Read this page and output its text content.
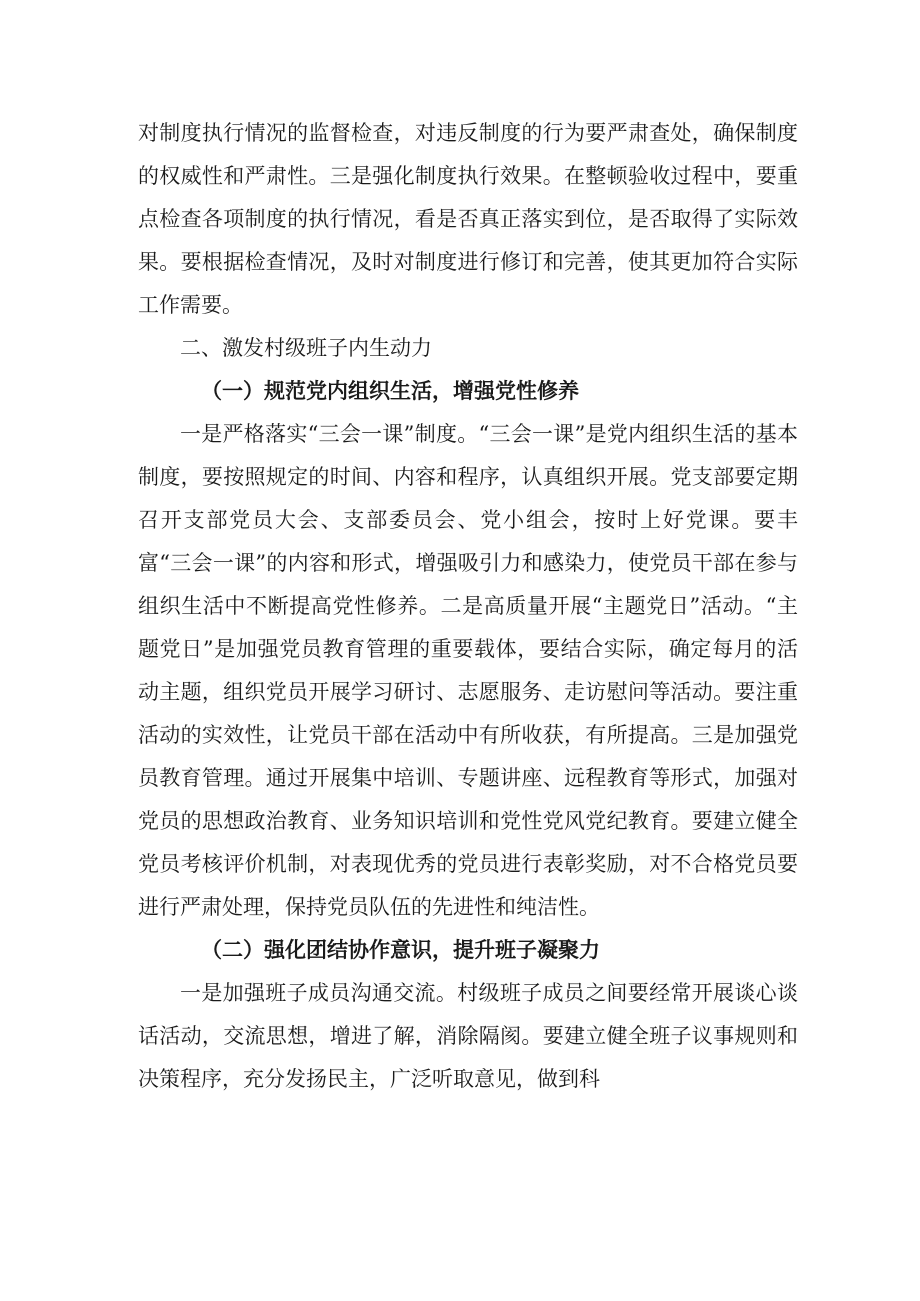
对制度执行情况的监督检查，对违反制度的行为要严肃查处，确保制度的权威性和严肃性。三是强化制度执行效果。在整顿验收过程中，要重点检查各项制度的执行情况，看是否真正落实到位，是否取得了实际效果。要根据检查情况，及时对制度进行修订和完善，使其更加符合实际工作需要。

二、激发村级班子内生动力

（一）规范党内组织生活，增强党性修养

一是严格落实“三会一课”制度。“三会一课”是党内组织生活的基本制度，要按照规定的时间、内容和程序，认真组织开展。党支部要定期召开支部党员大会、支部委员会、党小组会，按时上好党课。要丰富“三会一课”的内容和形式，增强吸引力和感染力，使党员干部在参与组织生活中不断提高党性修养。二是高质量开展“主题党日”活动。“主题党日”是加强党员教育管理的重要载体，要结合实际，确定每月的活动主题，组织党员开展学习研讨、志愿服务、走访慰问等活动。要注重活动的实效性，让党员干部在活动中有所收获，有所提高。三是加强党员教育管理。通过开展集中培训、专题讲座、远程教育等形式，加强对党员的思想政治教育、业务知识培训和党性党风党纪教育。要建立健全党员考核评价机制，对表现优秀的党员进行表彰奖励，对不合格党员要进行严肃处理，保持党员队伍的先进性和纯洁性。

（二）强化团结协作意识，提升班子凝聚力

一是加强班子成员沟通交流。村级班子成员之间要经常开展谈心谈话活动，交流思想，增进了解，消除隔阂。要建立健全班子议事规则和决策程序，充分发扬民主，广泛听取意见，做到科
